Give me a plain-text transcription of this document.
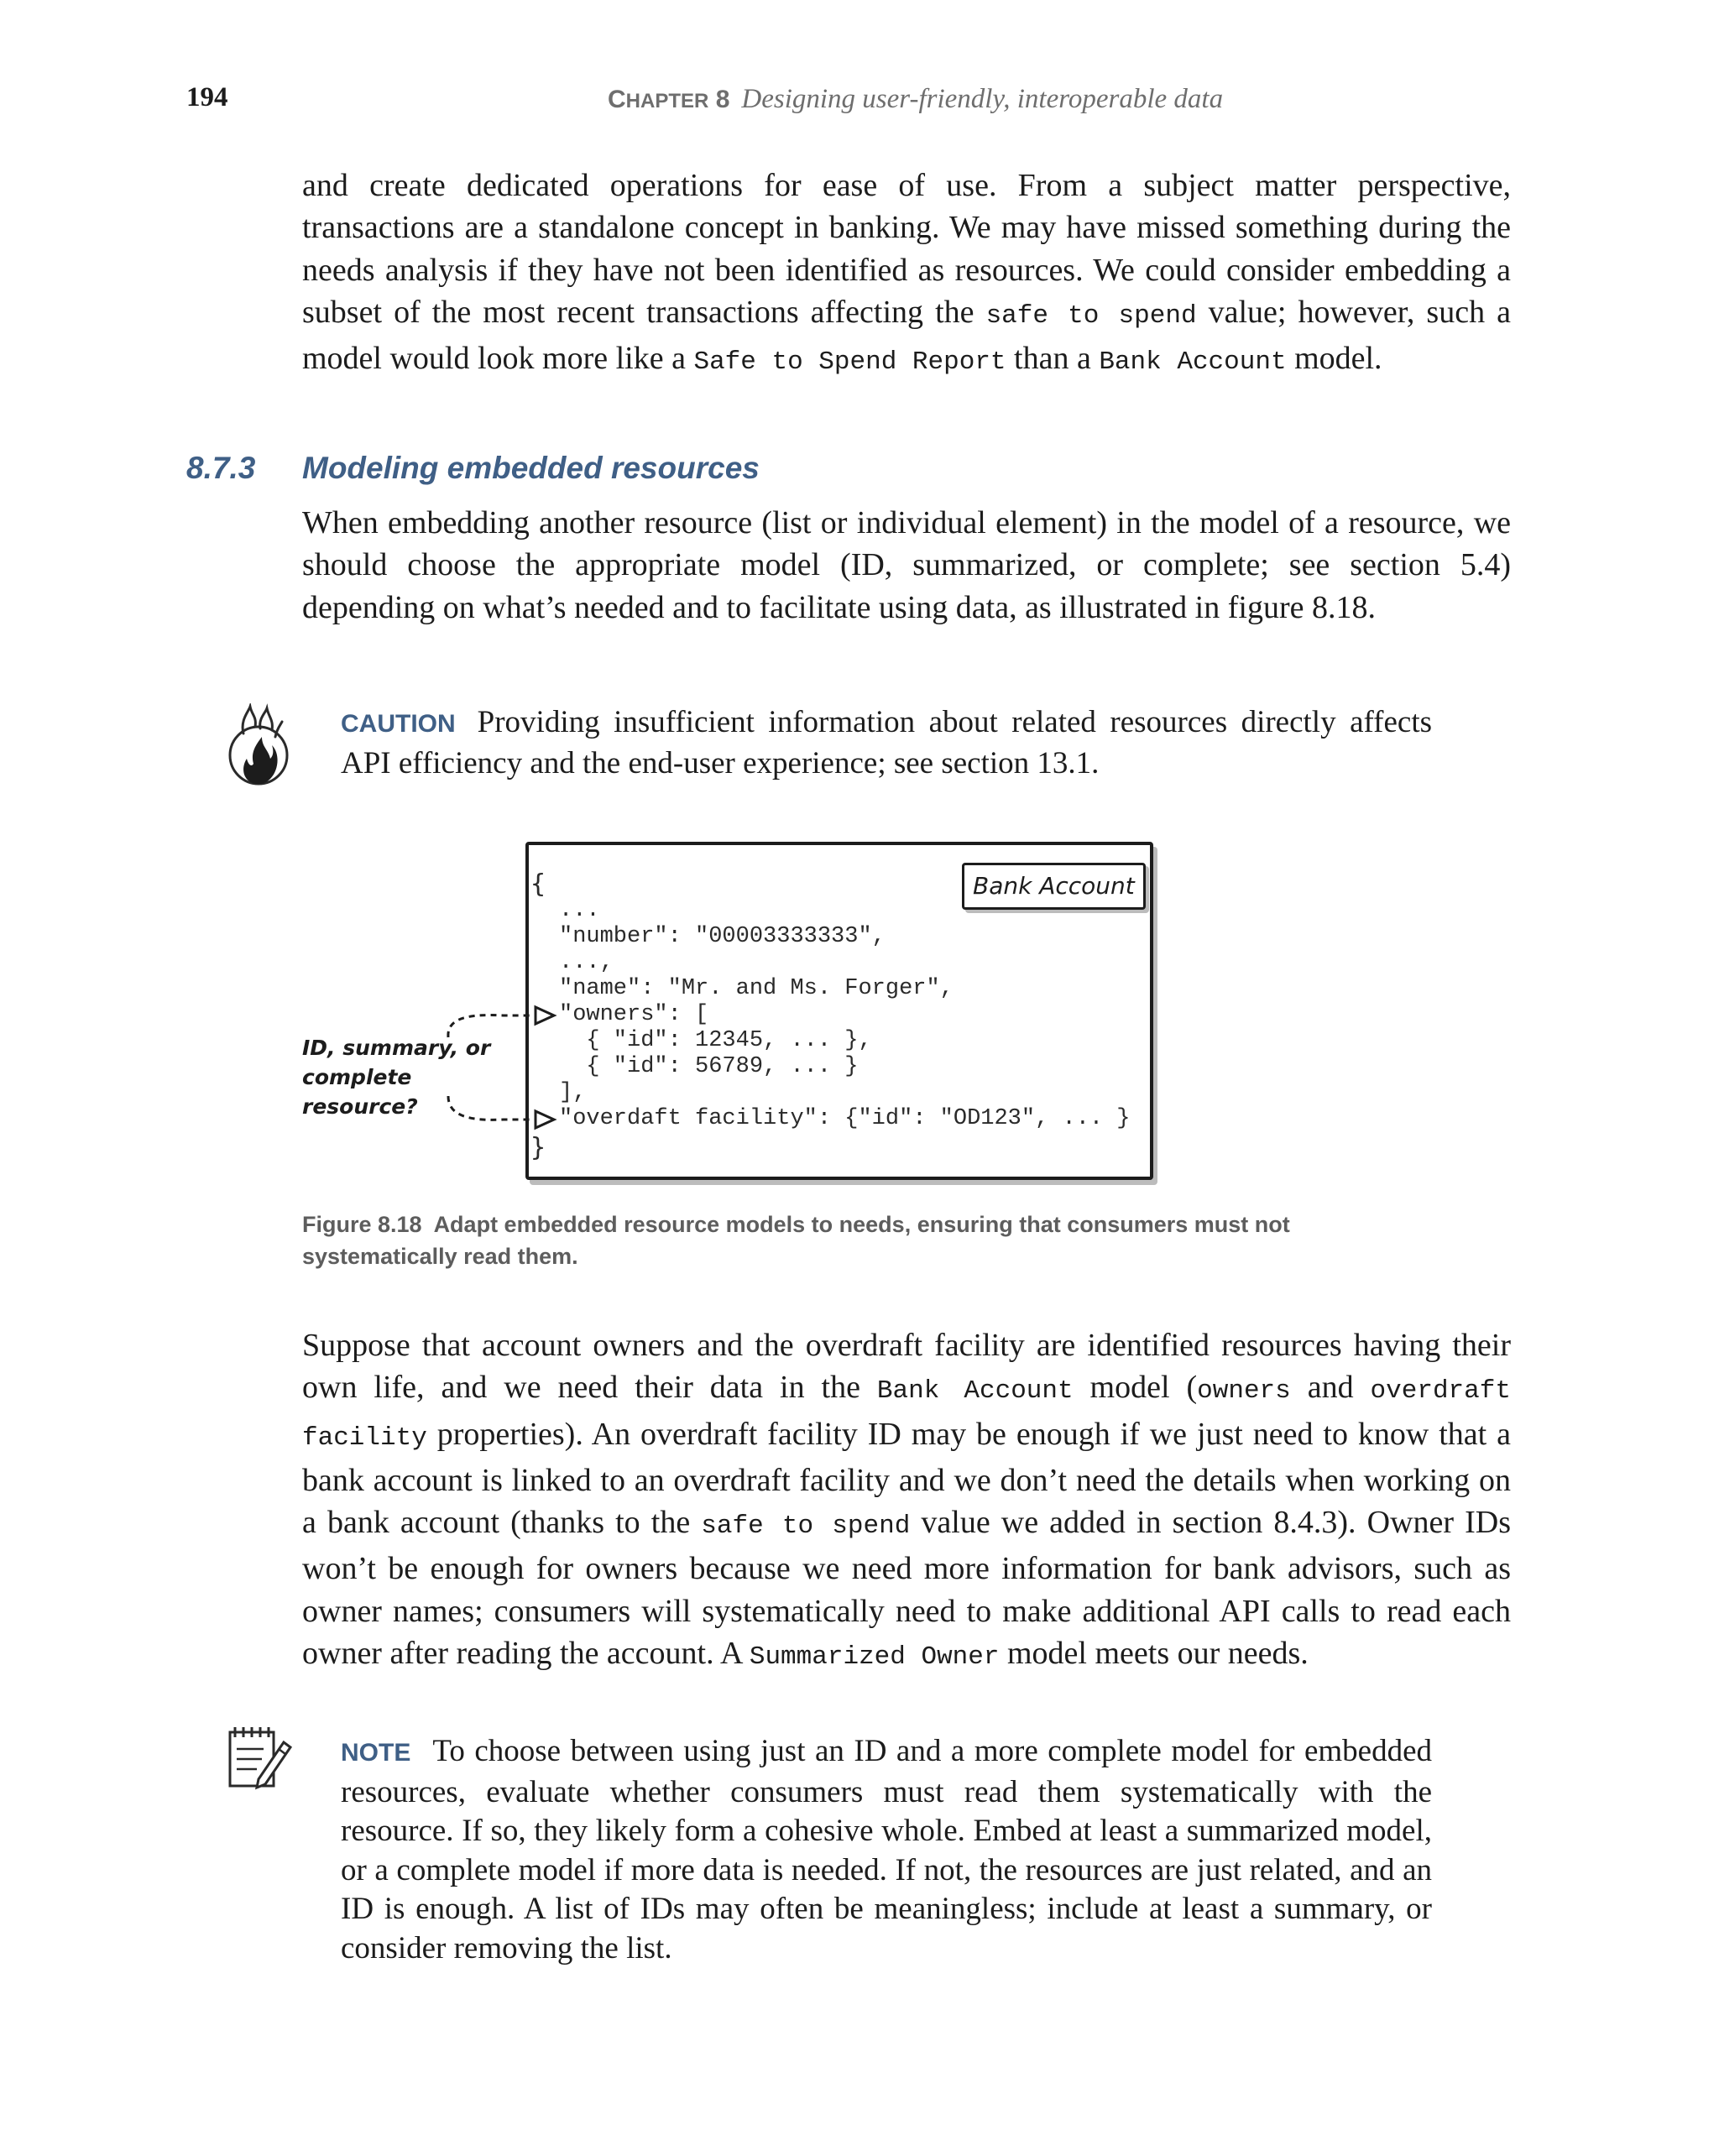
194	CHAPTER 8 Designing user-friendly, interoperable data

and create dedicated operations for ease of use. From a subject matter perspective, transactions are a standalone concept in banking. We may have missed something during the needs analysis if they have not been identified as resources. We could consider embedding a subset of the most recent transactions affecting the safe to spend value; however, such a model would look more like a Safe to Spend Report than a Bank Account model.

8.7.3 Modeling embedded resources

When embedding another resource (list or individual element) in the model of a resource, we should choose the appropriate model (ID, summarized, or complete; see section 5.4) depending on what’s needed and to facilitate using data, as illustrated in figure 8.18.

CAUTION Providing insufficient information about related resources directly affects API efficiency and the end-user experience; see section 13.1.

Bank Account
{
...
"number": "00003333333",
...,
"name": "Mr. and Ms. Forger",
"owners": [
{ "id": 12345, ... },
{ "id": 56789, ... }
],
"overdaft facility": {"id": "OD123", ... }
}
ID, summary, or
complete resource?

Figure 8.18 Adapt embedded resource models to needs, ensuring that consumers must not systematically read them.

Suppose that account owners and the overdraft facility are identified resources having their own life, and we need their data in the Bank Account model (owners and overdraft facility properties). An overdraft facility ID may be enough if we just need to know that a bank account is linked to an overdraft facility and we don’t need the details when working on a bank account (thanks to the safe to spend value we added in section 8.4.3). Owner IDs won’t be enough for owners because we need more information for bank advisors, such as owner names; consumers will systematically need to make additional API calls to read each owner after reading the account. A Summarized Owner model meets our needs.

NOTE To choose between using just an ID and a more complete model for embedded resources, evaluate whether consumers must read them systematically with the resource. If so, they likely form a cohesive whole. Embed at least a summarized model, or a complete model if more data is needed. If not, the resources are just related, and an ID is enough. A list of IDs may often be meaningless; include at least a summary, or consider removing the list.
